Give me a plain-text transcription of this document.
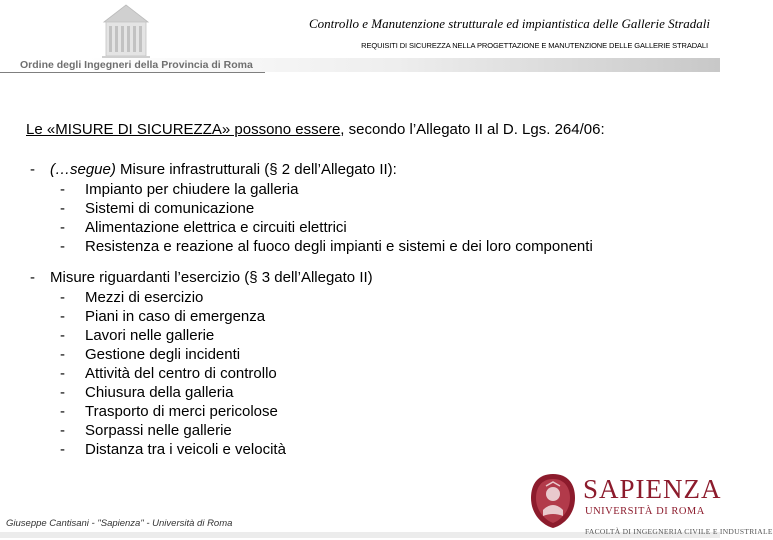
Controllo e Manutenzione strutturale ed impiantistica delle Gallerie Stradali
REQUISITI DI SICUREZZA NELLA PROGETTAZIONE E MANUTENZIONE DELLE GALLERIE STRADALI
Ordine degli Ingegneri della Provincia di Roma
Le «MISURE DI SICUREZZA» possono essere, secondo l’Allegato II al D. Lgs. 264/06:
-	(…segue) Misure infrastrutturali (§ 2 dell’Allegato II):
-	Impianto per chiudere la galleria
-	Sistemi di comunicazione
-	Alimentazione elettrica e circuiti elettrici
-	Resistenza e reazione al fuoco degli impianti e sistemi e dei loro componenti
-	Misure riguardanti l’esercizio (§ 3 dell’Allegato II)
-	Mezzi di esercizio
-	Piani in caso di emergenza
-	Lavori nelle gallerie
-	Gestione degli incidenti
-	Attività del centro di controllo
-	Chiusura della galleria
-	Trasporto di merci pericolose
-	Sorpassi nelle gallerie
-	Distanza tra i veicoli e velocità
Giuseppe Cantisani - "Sapienza" - Università di Roma
SAPIENZA
UNIVERSITÀ DI ROMA
FACOLTÀ DI INGEGNERIA CIVILE E INDUSTRIALE
